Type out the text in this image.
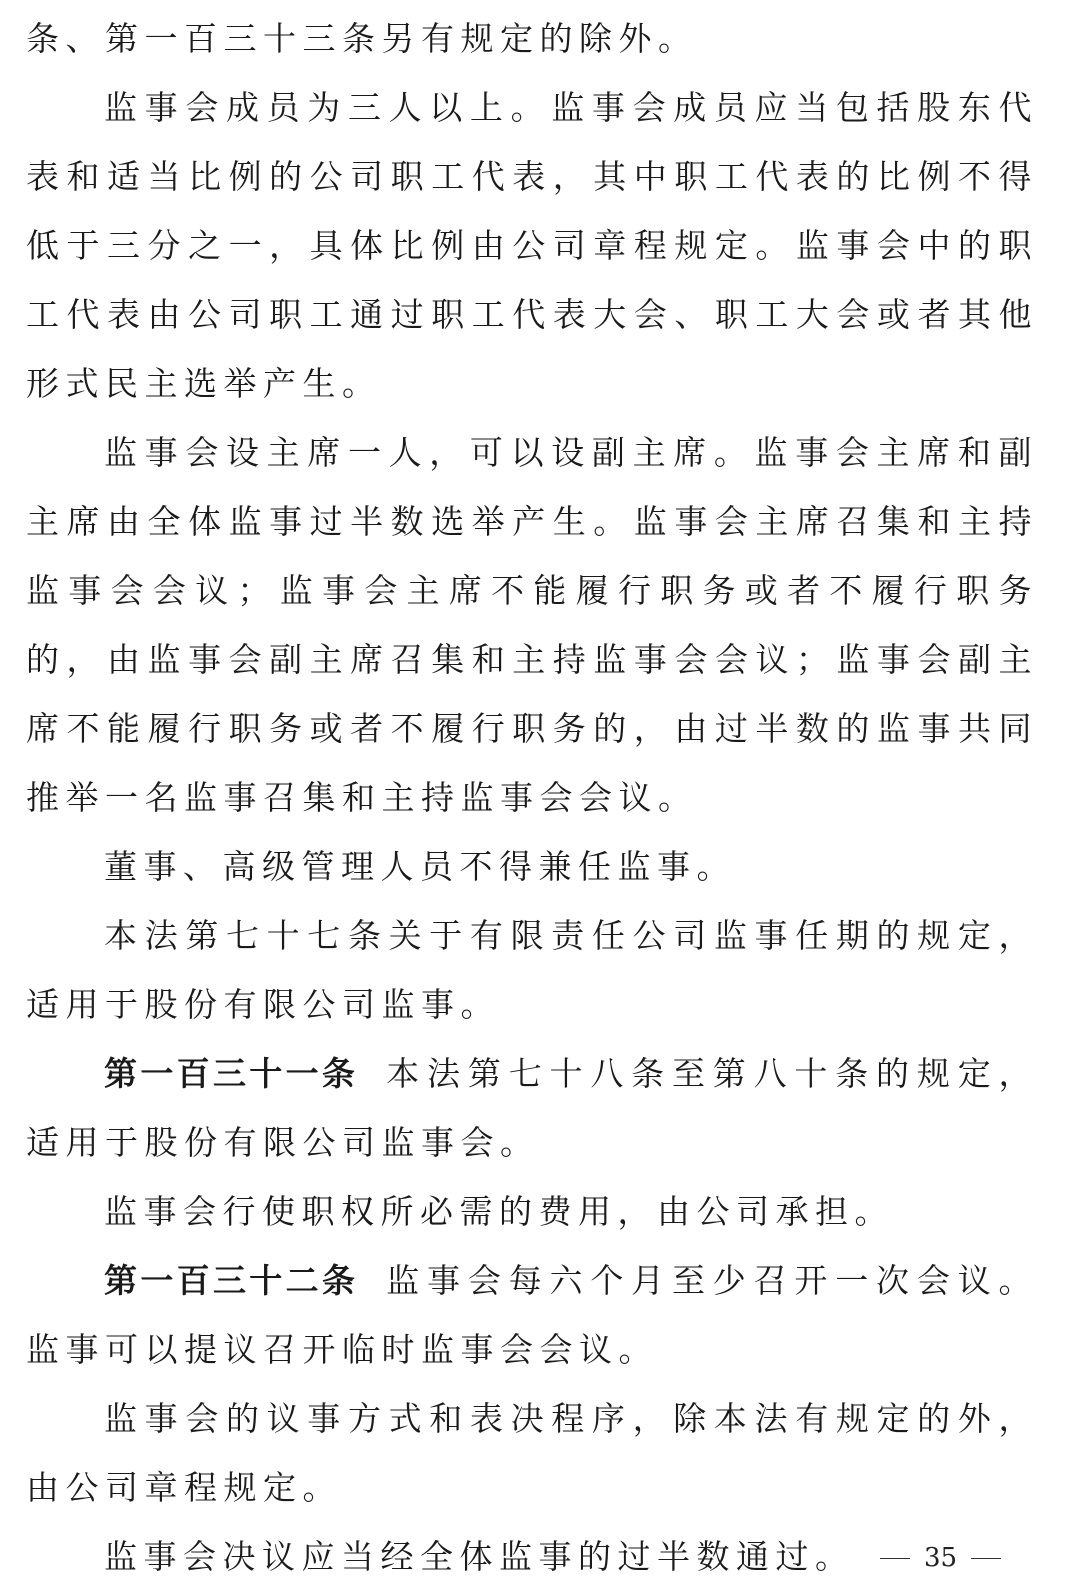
条、第一百三十三条另有规定的除外。

监事会成员为三人以上。监事会成员应当包括股东代表和适当比例的公司职工代表，其中职工代表的比例不得低于三分之一，具体比例由公司章程规定。监事会中的职工代表由公司职工通过职工代表大会、职工大会或者其他形式民主选举产生。

监事会设主席一人，可以设副主席。监事会主席和副主席由全体监事过半数选举产生。监事会主席召集和主持监事会会议；监事会主席不能履行职务或者不履行职务的，由监事会副主席召集和主持监事会会议；监事会副主席不能履行职务或者不履行职务的，由过半数的监事共同推举一名监事召集和主持监事会会议。

董事、高级管理人员不得兼任监事。

本法第七十七条关于有限责任公司监事任期的规定，适用于股份有限公司监事。

第一百三十一条 本法第七十八条至第八十条的规定，适用于股份有限公司监事会。

监事会行使职权所必需的费用，由公司承担。

第一百三十二条 监事会每六个月至少召开一次会议。监事可以提议召开临时监事会会议。

监事会的议事方式和表决程序，除本法有规定的外，由公司章程规定。

监事会决议应当经全体监事的过半数通过。	35
